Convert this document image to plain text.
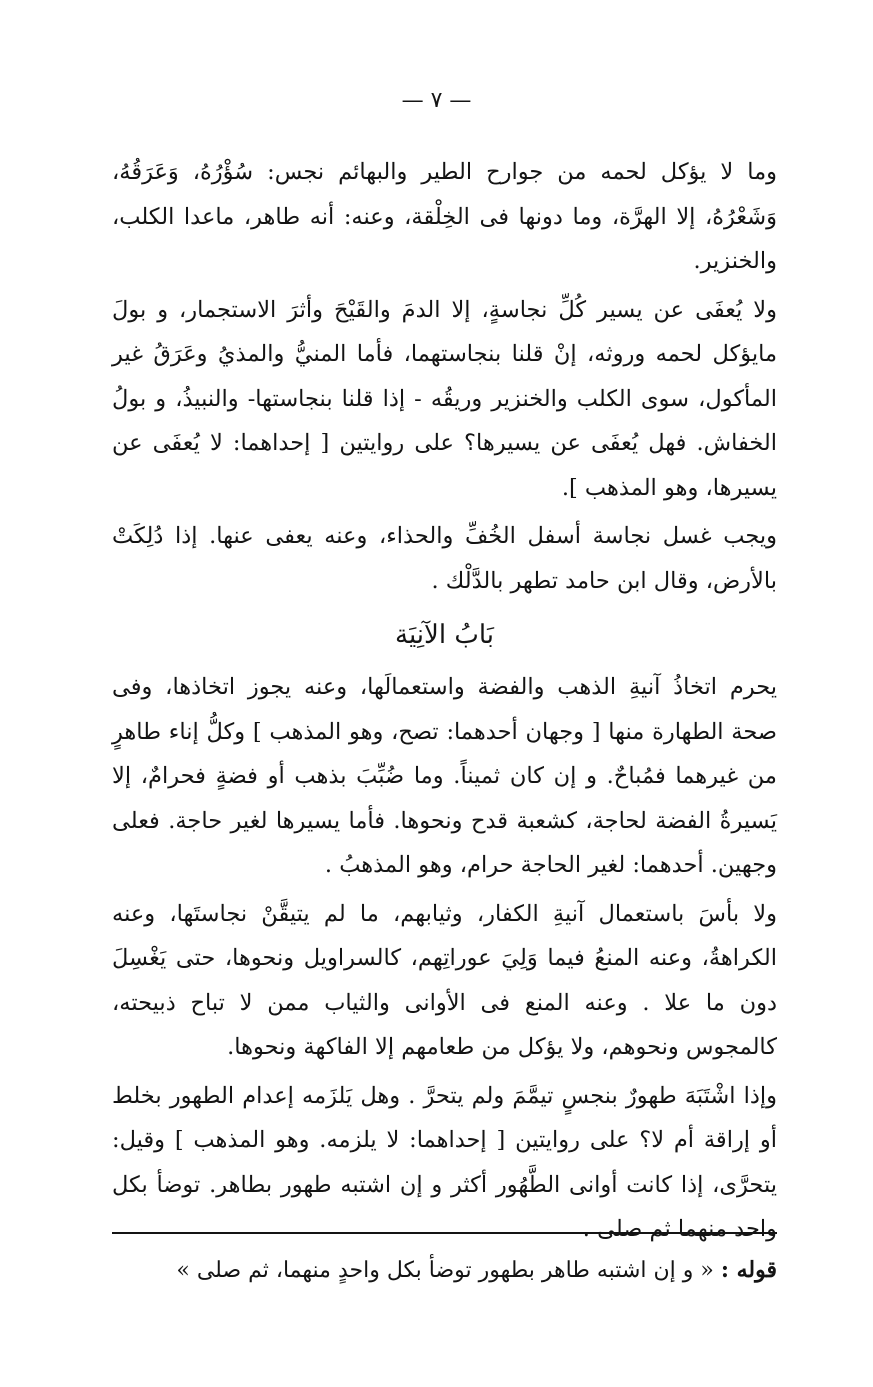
— ٧ —

وما لا يؤكل لحمه من جوارح الطير والبهائم نجس: سُؤْرُهُ، وَعَرَقُهُ، وَشَعْرُهُ، إلا الهرَّة، وما دونها فى الخِلْقة، وعنه: أنه طاهر، ماعدا الكلب، والخنزير.

ولا يُعفَى عن يسير كُلِّ نجاسةٍ، إلا الدمَ والقَيْحَ وأثرَ الاستجمار، و بولَ مايؤكل لحمه وروثه، إنْ قلنا بنجاستهما، فأما المنيُّ والمذيُ وعَرَقُ غير المأكول، سوى الكلب والخنزير وريقُه - إذا قلنا بنجاستها- والنبيذُ، و بولُ الخفاش. فهل يُعفَى عن يسيرها؟ على روايتين [ إحداهما: لا يُعفَى عن يسيرها، وهو المذهب ].

ويجب غسل نجاسة أسفل الخُفِّ والحذاء، وعنه يعفى عنها. إذا دُلِكَتْ بالأرض، وقال ابن حامد تطهر بالدَّلْك .

بَابُ الآنِيَة

يحرم اتخاذُ آنيةِ الذهب والفضة واستعمالَها، وعنه يجوز اتخاذها، وفى صحة الطهارة منها [ وجهان أحدهما: تصح، وهو المذهب ] وكلُّ إناء طاهرٍ من غيرهما فمُباحٌ. و إن كان ثميناً. وما ضُبِّبَ بذهب أو فضةٍ فحرامٌ، إلا يَسيرةُ الفضة لحاجة، كشعبة قدح ونحوها. فأما يسيرها لغير حاجة. فعلى وجهين. أحدهما: لغير الحاجة حرام، وهو المذهبُ .

ولا بأسَ باستعمال آنيةِ الكفار، وثيابهم، ما لم يتيقَّنْ نجاستَها، وعنه الكراهةُ، وعنه المنعُ فيما وَلِيَ عوراتِهم، كالسراويل ونحوها، حتى يَغْسِلَ دون ما علا . وعنه المنع فى الأوانى والثياب ممن لا تباح ذبيحته، كالمجوس ونحوهم، ولا يؤكل من طعامهم إلا الفاكهة ونحوها.

وإذا اشْتَبَهَ طهورٌ بنجسٍ تيمَّمَ ولم يتحرَّ . وهل يَلزَمه إعدام الطهور بخلط أو إراقة أم لا؟ على روايتين [ إحداهما: لا يلزمه. وهو المذهب ] وقيل: يتحرَّى، إذا كانت أوانى الطَّهُور أكثر و إن اشتبه طهور بطاهر. توضأ بكل واحد منهما ثم صلى .

قوله : « و إن اشتبه طاهر بطهور توضأ بكل واحدٍ منهما، ثم صلى »
